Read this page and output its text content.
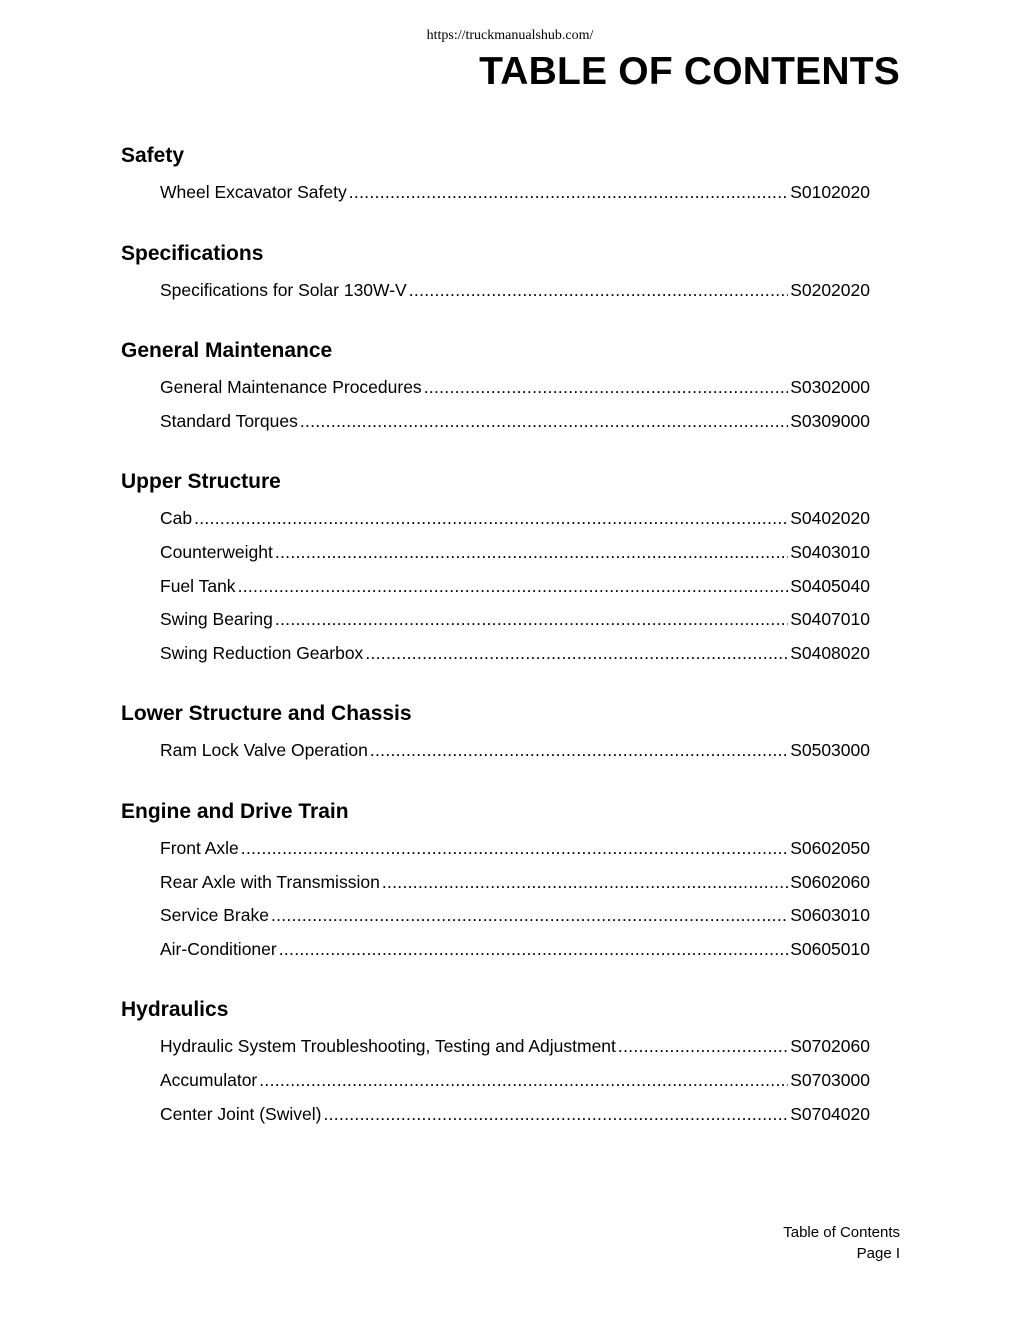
https://truckmanualshub.com/
TABLE OF CONTENTS
Safety
Wheel Excavator Safety .....	S0102020
Specifications
Specifications for Solar 130W-V .....	S0202020
General Maintenance
General Maintenance Procedures .....	S0302000
Standard Torques .....	S0309000
Upper Structure
Cab .....	S0402020
Counterweight .....	S0403010
Fuel Tank .....	S0405040
Swing Bearing .....	S0407010
Swing Reduction Gearbox .....	S0408020
Lower Structure and Chassis
Ram Lock Valve Operation .....	S0503000
Engine and Drive Train
Front Axle .....	S0602050
Rear Axle with Transmission .....	S0602060
Service Brake .....	S0603010
Air-Conditioner .....	S0605010
Hydraulics
Hydraulic System Troubleshooting, Testing and Adjustment .....	S0702060
Accumulator .....	S0703000
Center Joint (Swivel) .....	S0704020
Table of Contents
Page I
